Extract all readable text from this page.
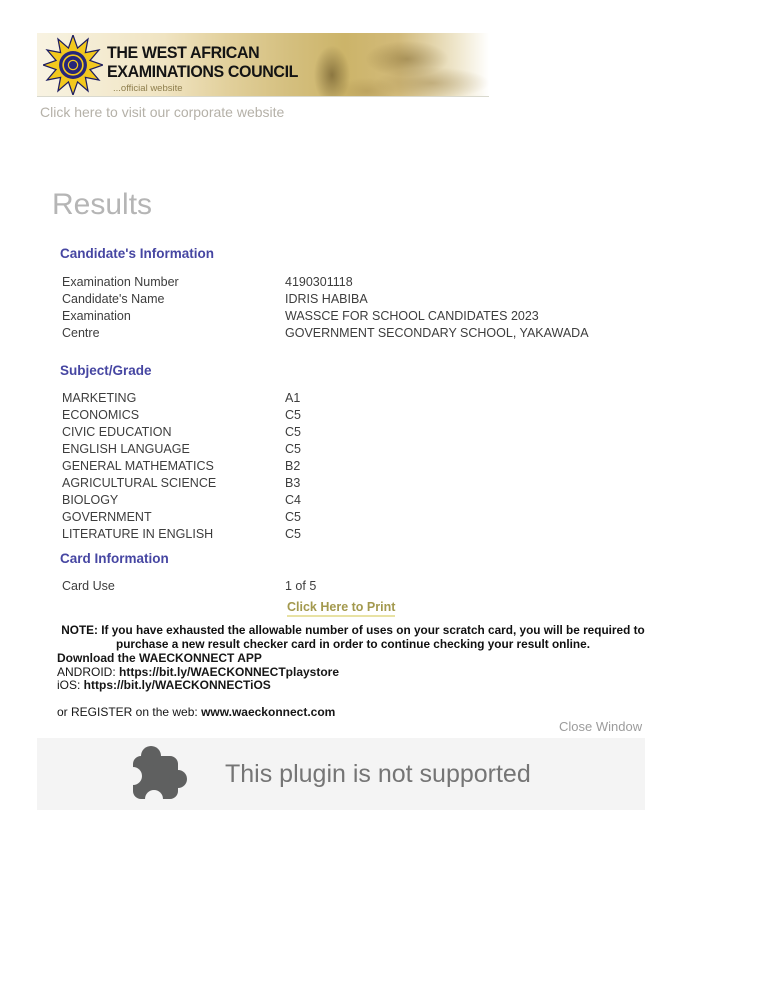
THE WEST AFRICAN
EXAMINATIONS COUNCIL
...official website
Click here to visit our corporate website
Results
Candidate's Information
Examination Number	4190301118
Candidate's Name	IDRIS HABIBA
Examination	WASSCE FOR SCHOOL CANDIDATES 2023
Centre	GOVERNMENT SECONDARY SCHOOL, YAKAWADA
Subject/Grade
MARKETING	A1
ECONOMICS	C5
CIVIC EDUCATION	C5
ENGLISH LANGUAGE	C5
GENERAL MATHEMATICS	B2
AGRICULTURAL SCIENCE	B3
BIOLOGY	C4
GOVERNMENT	C5
LITERATURE IN ENGLISH	C5
Card Information
Card Use	1 of 5
Click Here to Print
NOTE: If you have exhausted the allowable number of uses on your scratch card, you will be required to purchase a new result checker card in order to continue checking your result online.
Download the WAECKONNECT APP
ANDROID: https://bit.ly/WAECKONNECTplaystore
iOS: https://bit.ly/WAECKONNECTiOS
or REGISTER on the web: www.waeckonnect.com
Close Window
This plugin is not supported
